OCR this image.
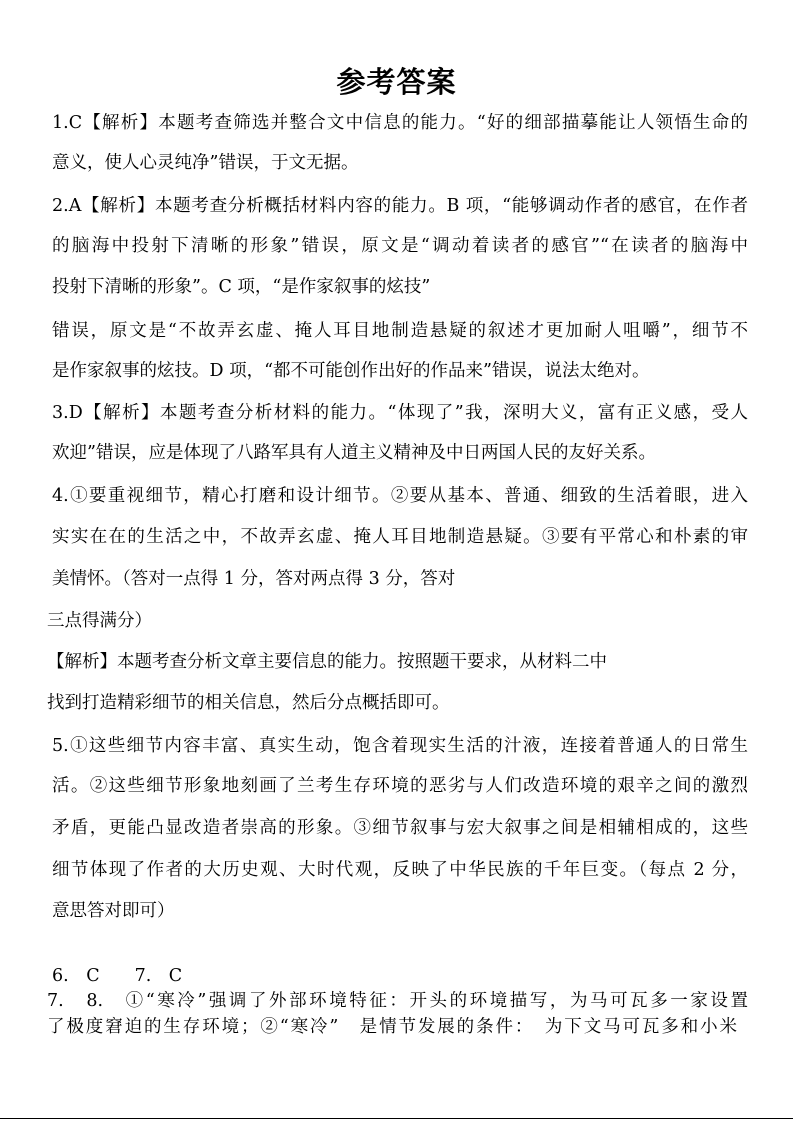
参考答案
1.C【解析】本题考查筛选并整合文中信息的能力。“好的细部描摹能让人领悟生命的
意义，使人心灵纯净”错误，于文无据。
2.A【解析】本题考查分析概括材料内容的能力。B 项，“能够调动作者的感官，在作者
的脑海中投射下清晰的形象”错误，原文是“调动着读者的感官”“在读者的脑海中
投射下清晰的形象”。C 项，“是作家叙事的炫技”
错误，原文是“不故弄玄虚、掩人耳目地制造悬疑的叙述才更加耐人咀嚼”，细节不
是作家叙事的炫技。D 项，“都不可能创作出好的作品来”错误，说法太绝对。
3.D【解析】本题考查分析材料的能力。“体现了”我，深明大义，富有正义感，受人
欢迎”错误，应是体现了八路军具有人道主义精神及中日两国人民的友好关系。
4.①要重视细节，精心打磨和设计细节。②要从基本、普通、细致的生活着眼，进入
实实在在的生活之中，不故弄玄虚、掩人耳目地制造悬疑。③要有平常心和朴素的审
美情怀。（答对一点得 1 分，答对两点得 3 分，答对
三点得满分）
【解析】本题考查分析文章主要信息的能力。按照题干要求，从材料二中
找到打造精彩细节的相关信息，然后分点概括即可。
5.①这些细节内容丰富、真实生动，饱含着现实生活的汁液，连接着普通人的日常生
活。②这些细节形象地刻画了兰考生存环境的恶劣与人们改造环境的艰辛之间的激烈
矛盾，更能凸显改造者崇高的形象。③细节叙事与宏大叙事之间是相辅相成的，这些
细节体现了作者的大历史观、大时代观，反映了中华民族的千年巨变。（每点 2 分，
意思答对即可）
6.　C　　7.　C
7.　8.　①“寒冷”强调了外部环境特征：开头的环境描写，为马可瓦多一家设置
了极度窘迫的生存环境；②“寒冷”　是情节发展的条件：　为下文马可瓦多和小米
